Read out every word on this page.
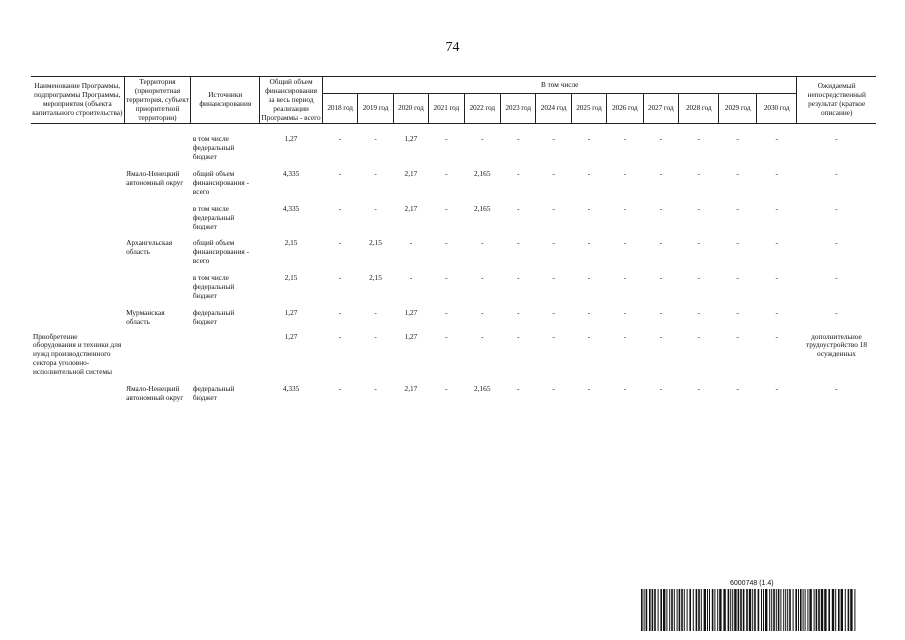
74
Наименование Программы, подпрограммы Программы, мероприятия (объекта капитального строительства)	Территория (приоритетная территория, субъект приоритетной территории)	Источники финансирования	Общий объем финансирования за весь период реализации Программы - всего	В том числе													Ожидаемый непосредственный результат (краткое описание)
				2018 год	2019 год	2020 год	2021 год	2022 год	2023 год	2024 год	2025 год	2026 год	2027 год	2028 год	2029 год	2030 год	

		в том числе федеральный бюджет	1,27	-	-	1,27	-	-	-	-	-	-	-	-	-	-	-

	Ямало-Ненецкий автономный округ	общий объем финансирования - всего	4,335	-	-	2,17	-	2,165	-	-	-	-	-	-	-	-	-

		в том числе федеральный бюджет	4,335	-	-	2,17	-	2,165	-	-	-	-	-	-	-	-	-

	Архангельская область	общий объем финансирования - всего	2,15	-	2,15	-	-	-	-	-	-	-	-	-	-	-	-

		в том числе федеральный бюджет	2,15	-	2,15	-	-	-	-	-	-	-	-	-	-	-	-

	Мурманская область	федеральный бюджет	1,27	-	-	1,27	-	-	-	-	-	-	-	-	-	-	-

Приобретение оборудования и техники для нужд производственного сектора уголовно-исполнительной системы			1,27	-	-	1,27	-	-	-	-	-	-	-	-	-	-	дополнительное трудоустройство 18 осужденных

	Ямало-Ненецкий автономный округ	федеральный бюджет	4,335	-	-	2,17	-	2,165	-	-	-	-	-	-	-	-	-

6000748 (1.4)
